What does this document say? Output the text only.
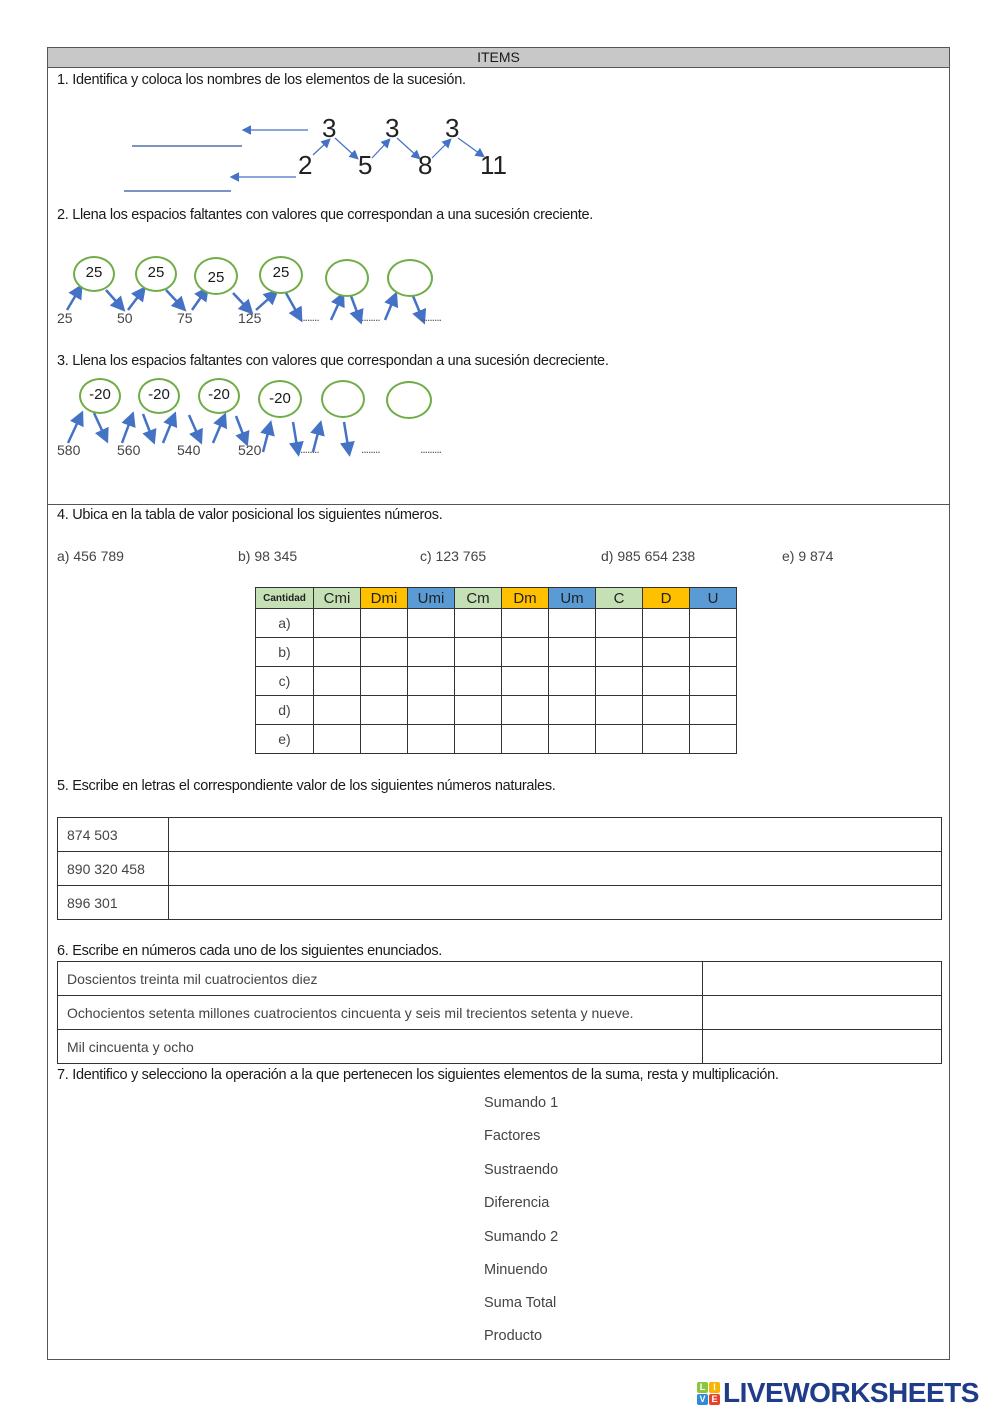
ITEMS
1. Identifica y coloca los nombres de los elementos de la sucesión.
3 3 3
2 5 8 11
2. Llena los espacios faltantes con valores que correspondan a una sucesión creciente.
25	25	25	25
25	50	75	125	........	........	.........
3. Llena los espacios faltantes con valores que correspondan a una sucesión decreciente.
-20	-20	-20	-20
580	560	540	520	........	........	.........
4. Ubica en la tabla de valor posicional los siguientes números.
a) 456 789	b) 98 345	c) 123 765	d) 985 654 238	e) 9 874
Cantidad	Cmi	Dmi	Umi	Cm	Dm	Um	C	D	U
a)									
b)									
c)									
d)									
e)									
5. Escribe en letras el correspondiente valor de los siguientes números naturales.
874 503	
890 320 458	
896 301	
6. Escribe en números cada uno de los siguientes enunciados.
Doscientos treinta mil cuatrocientos diez	
Ochocientos setenta millones cuatrocientos cincuenta y seis mil trecientos setenta y nueve.	
Mil cincuenta y ocho	
7. Identifico y selecciono la operación a la que pertenecen los siguientes elementos de la suma, resta y multiplicación.
Sumando 1
Factores
Sustraendo
Diferencia
Sumando 2
Minuendo
Suma Total
Producto
L I
V E LIVEWORKSHEETS
